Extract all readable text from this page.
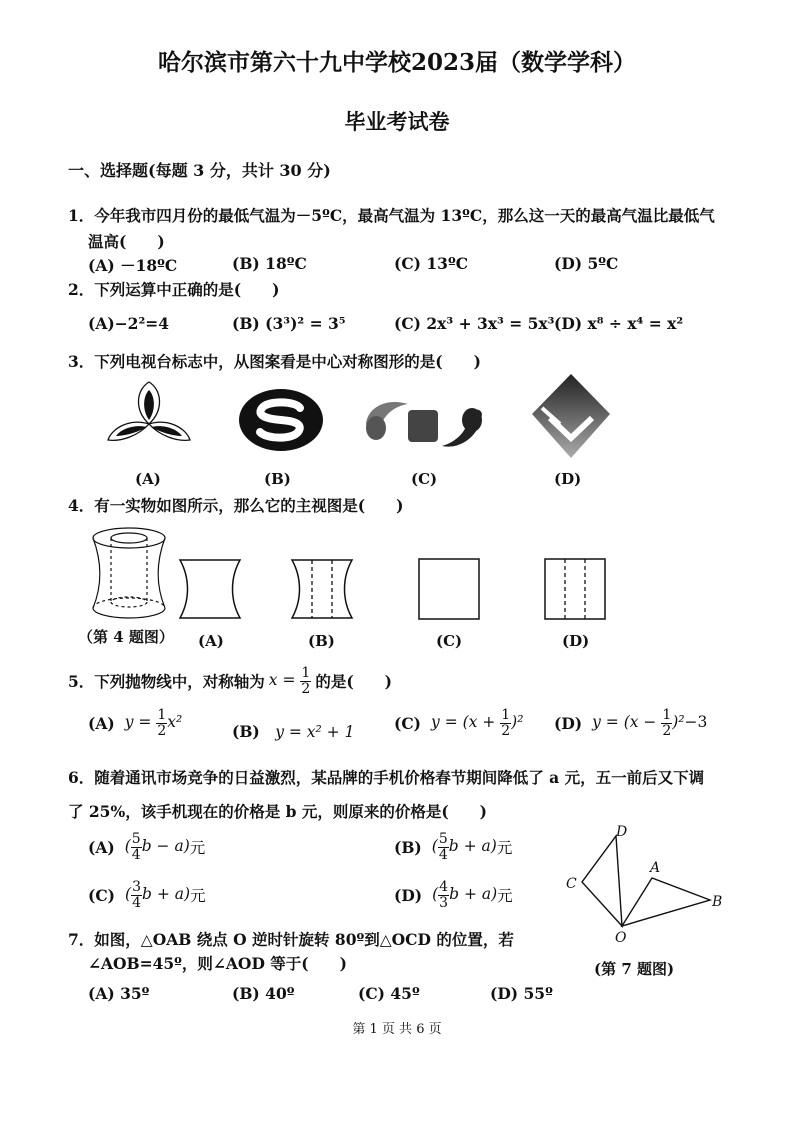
哈尔滨市第六十九中学校2023届（数学学科）
毕业考试卷
一、选择题(每题 3 分，共计 30 分)
1．今年我市四月份的最低气温为－5ºC，最高气温为 13ºC，那么这一天的最高气温比最低气
温高(　　)
(A) －18ºC	(B) 18ºC	(C) 13ºC	(D) 5ºC
2．下列运算中正确的是(　　)
(A)−2²=4	(B) (3³)² = 3⁵	(C) 2x³ + 3x³ = 5x³ (D) x⁸ ÷ x⁴ = x²
3．下列电视台标志中，从图案看是中心对称图形的是(　　)
(A)	(B)	(C)	(D)
4．有一实物如图所示，那么它的主视图是(　　)
（第 4 题图） (A)	(B)	(C)	(D)
5．下列抛物线中，对称轴为 $x = \frac{1}{2}$ 的是(　　)
(A) $y = \frac{1}{2} x^2$	(B) y = x² + 1	(C) $y = (x + \frac{1}{2} )^2$ (D) $y = (x - \frac{1}{2} )^2-3$
6．随着通讯市场竞争的日益激烈，某品牌的手机价格春节期间降低了 a 元，五一前后又下调
了 25%，该手机现在的价格是 b 元，则原来的价格是(　　)
(A) ( $\frac{5}{4}$ b − a) 元	(B) ( $\frac{5}{4}$ b + a) 元
(C) ( $\frac{3}{4}$ b + a) 元	(D) ( $\frac{4}{3}$ b + a) 元
7．如图，△OAB 绕点 O 逆时针旋转 80º到△OCD 的位置，若
∠AOB=45º，则∠AOD 等于(　　)
(A) 35º	(B) 40º	(C) 45º	(D) 55º
D
A
C
B
O
(第 7 题图)
第 1 页 共 6 页
